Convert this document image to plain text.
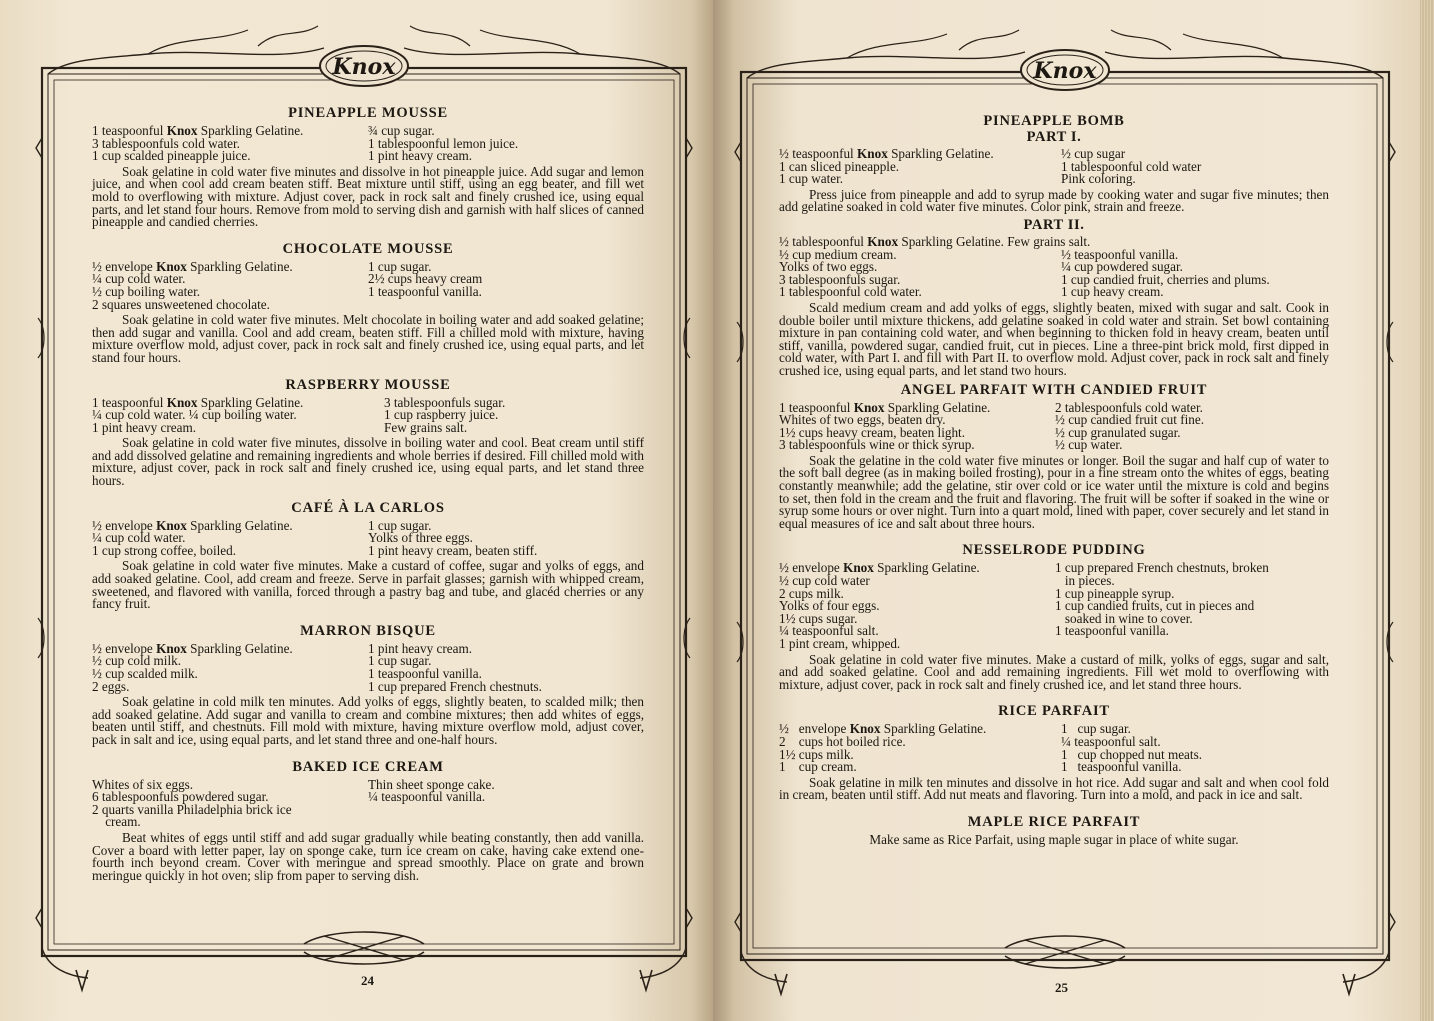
Knox
PINEAPPLE MOUSSE
1 teaspoonful Knox Sparkling Gelatine.
3 tablespoonfuls cold water.
1 cup scalded pineapple juice.
¾ cup sugar.
1 tablespoonful lemon juice.
1 pint heavy cream.
Soak gelatine in cold water five minutes and dissolve in hot pineapple juice. Add sugar and lemon juice, and when cool add cream beaten stiff. Beat mixture until stiff, using an egg beater, and fill wet mold to overflowing with mixture. Adjust cover, pack in rock salt and finely crushed ice, using equal parts, and let stand four hours. Remove from mold to serving dish and garnish with half slices of canned pineapple and candied cherries.
CHOCOLATE MOUSSE
½ envelope Knox Sparkling Gelatine.
¼ cup cold water.
½ cup boiling water.
2 squares unsweetened chocolate.
1 cup sugar.
2½ cups heavy cream
1 teaspoonful vanilla.
Soak gelatine in cold water five minutes. Melt chocolate in boiling water and add soaked gelatine; then add sugar and vanilla. Cool and add cream, beaten stiff. Fill a chilled mold with mixture, having mixture overflow mold, adjust cover, pack in rock salt and finely crushed ice, using equal parts, and let stand four hours.
RASPBERRY MOUSSE
1 teaspoonful Knox Sparkling Gelatine.
¼ cup cold water. ¼ cup boiling water.
1 pint heavy cream.
3 tablespoonfuls sugar.
1 cup raspberry juice.
Few grains salt.
Soak gelatine in cold water five minutes, dissolve in boiling water and cool. Beat cream until stiff and add dissolved gelatine and remaining ingredients and whole berries if desired. Fill chilled mold with mixture, adjust cover, pack in rock salt and finely crushed ice, using equal parts, and let stand three hours.
CAFÉ À LA CARLOS
½ envelope Knox Sparkling Gelatine.
¼ cup cold water.
1 cup strong coffee, boiled.
1 cup sugar.
Yolks of three eggs.
1 pint heavy cream, beaten stiff.
Soak gelatine in cold water five minutes. Make a custard of coffee, sugar and yolks of eggs, and add soaked gelatine. Cool, add cream and freeze. Serve in parfait glasses; garnish with whipped cream, sweetened, and flavored with vanilla, forced through a pastry bag and tube, and glacéd cherries or any fancy fruit.
MARRON BISQUE
½ envelope Knox Sparkling Gelatine.
½ cup cold milk.
½ cup scalded milk.
2 eggs.
1 pint heavy cream.
1 cup sugar.
1 teaspoonful vanilla.
1 cup prepared French chestnuts.
Soak gelatine in cold milk ten minutes. Add yolks of eggs, slightly beaten, to scalded milk; then add soaked gelatine. Add sugar and vanilla to cream and combine mixtures; then add whites of eggs, beaten until stiff, and chestnuts. Fill mold with mixture, having mixture overflow mold, adjust cover, pack in salt and ice, using equal parts, and let stand three and one-half hours.
BAKED ICE CREAM
Whites of six eggs.
6 tablespoonfuls powdered sugar.
2 quarts vanilla Philadelphia brick ice
cream.
Thin sheet sponge cake.
¼ teaspoonful vanilla.
Beat whites of eggs until stiff and add sugar gradually while beating constantly, then add vanilla. Cover a board with letter paper, lay on sponge cake, turn ice cream on cake, having cake extend one-fourth inch beyond cream. Cover with meringue and spread smoothly. Place on grate and brown meringue quickly in hot oven; slip from paper to serving dish.
24
Knox
PINEAPPLE BOMB
PART I.
½ teaspoonful Knox Sparkling Gelatine.
1 can sliced pineapple.
1 cup water.
½ cup sugar
1 tablespoonful cold water
Pink coloring.
Press juice from pineapple and add to syrup made by cooking water and sugar five minutes; then add gelatine soaked in cold water five minutes. Color pink, strain and freeze.
PART II.
½ tablespoonful Knox Sparkling Gelatine. Few grains salt.
½ cup medium cream.
Yolks of two eggs.
3 tablespoonfuls sugar.
1 tablespoonful cold water.
½ teaspoonful vanilla.
¼ cup powdered sugar.
1 cup candied fruit, cherries and plums.
1 cup heavy cream.
Scald medium cream and add yolks of eggs, slightly beaten, mixed with sugar and salt. Cook in double boiler until mixture thickens, add gelatine soaked in cold water and strain. Set bowl containing mixture in pan containing cold water, and when beginning to thicken fold in heavy cream, beaten until stiff, vanilla, powdered sugar, candied fruit, cut in pieces. Line a three-pint brick mold, first dipped in cold water, with Part I. and fill with Part II. to overflow mold. Adjust cover, pack in rock salt and finely crushed ice, using equal parts, and let stand two hours.
ANGEL PARFAIT WITH CANDIED FRUIT
1 teaspoonful Knox Sparkling Gelatine.
Whites of two eggs, beaten dry.
1½ cups heavy cream, beaten light.
3 tablespoonfuls wine or thick syrup.
2 tablespoonfuls cold water.
½ cup candied fruit cut fine.
½ cup granulated sugar.
½ cup water.
Soak the gelatine in the cold water five minutes or longer. Boil the sugar and half cup of water to the soft ball degree (as in making boiled frosting), pour in a fine stream onto the whites of eggs, beating constantly meanwhile; add the gelatine, stir over cold or ice water until the mixture is cold and begins to set, then fold in the cream and the fruit and flavoring. The fruit will be softer if soaked in the wine or syrup some hours or over night. Turn into a quart mold, lined with paper, cover securely and let stand in equal measures of ice and salt about three hours.
NESSELRODE PUDDING
½ envelope Knox Sparkling Gelatine.
½ cup cold water
2 cups milk.
Yolks of four eggs.
1½ cups sugar.
¼ teaspoonful salt.
1 pint cream, whipped.
1 cup prepared French chestnuts, broken
in pieces.
1 cup pineapple syrup.
1 cup candied fruits, cut in pieces and
soaked in wine to cover.
1 teaspoonful vanilla.
Soak gelatine in cold water five minutes. Make a custard of milk, yolks of eggs, sugar and salt, and add soaked gelatine. Cool and add remaining ingredients. Fill wet mold to overflowing with mixture, adjust cover, pack in rock salt and finely crushed ice, and let stand three hours.
RICE PARFAIT
½   envelope Knox Sparkling Gelatine.
2    cups hot boiled rice.
1½ cups milk.
1    cup cream.
1   cup sugar.
¼ teaspoonful salt.
1   cup chopped nut meats.
1   teaspoonful vanilla.
Soak gelatine in milk ten minutes and dissolve in hot rice. Add sugar and salt and when cool fold in cream, beaten until stiff. Add nut meats and flavoring. Turn into a mold, and pack in ice and salt.
MAPLE RICE PARFAIT
Make same as Rice Parfait, using maple sugar in place of white sugar.
25
